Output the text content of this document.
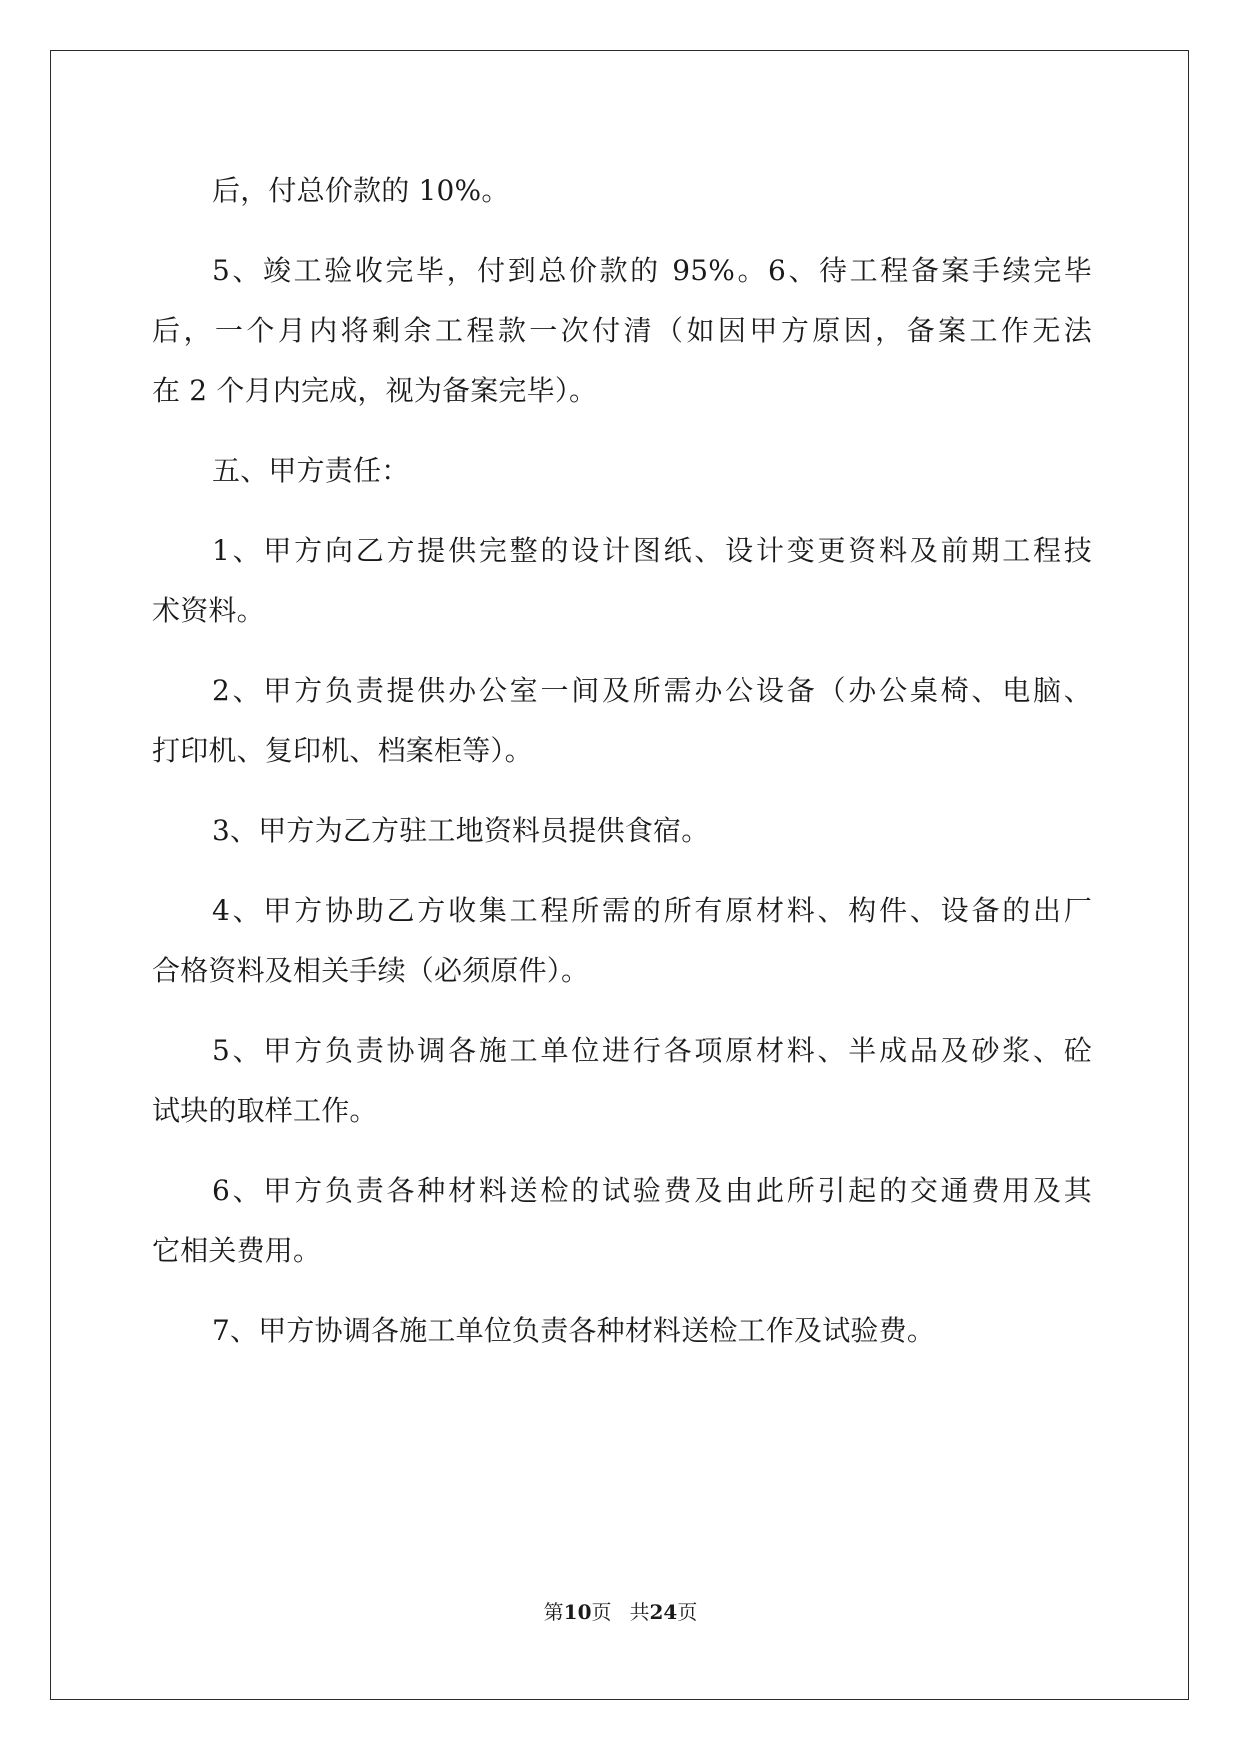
后，付总价款的 10%。
5、竣工验收完毕，付到总价款的 95%。6、待工程备案手续完毕
后，一个月内将剩余工程款一次付清（如因甲方原因，备案工作无法
在 2 个月内完成，视为备案完毕）。
五、甲方责任：
1、甲方向乙方提供完整的设计图纸、设计变更资料及前期工程技
术资料。
2、甲方负责提供办公室一间及所需办公设备（办公桌椅、电脑、
打印机、复印机、档案柜等）。
3、甲方为乙方驻工地资料员提供食宿。
4、甲方协助乙方收集工程所需的所有原材料、构件、设备的出厂
合格资料及相关手续（必须原件）。
5、甲方负责协调各施工单位进行各项原材料、半成品及砂浆、砼
试块的取样工作。
6、甲方负责各种材料送检的试验费及由此所引起的交通费用及其
它相关费用。
7、甲方协调各施工单位负责各种材料送检工作及试验费。
第10页 共24页
